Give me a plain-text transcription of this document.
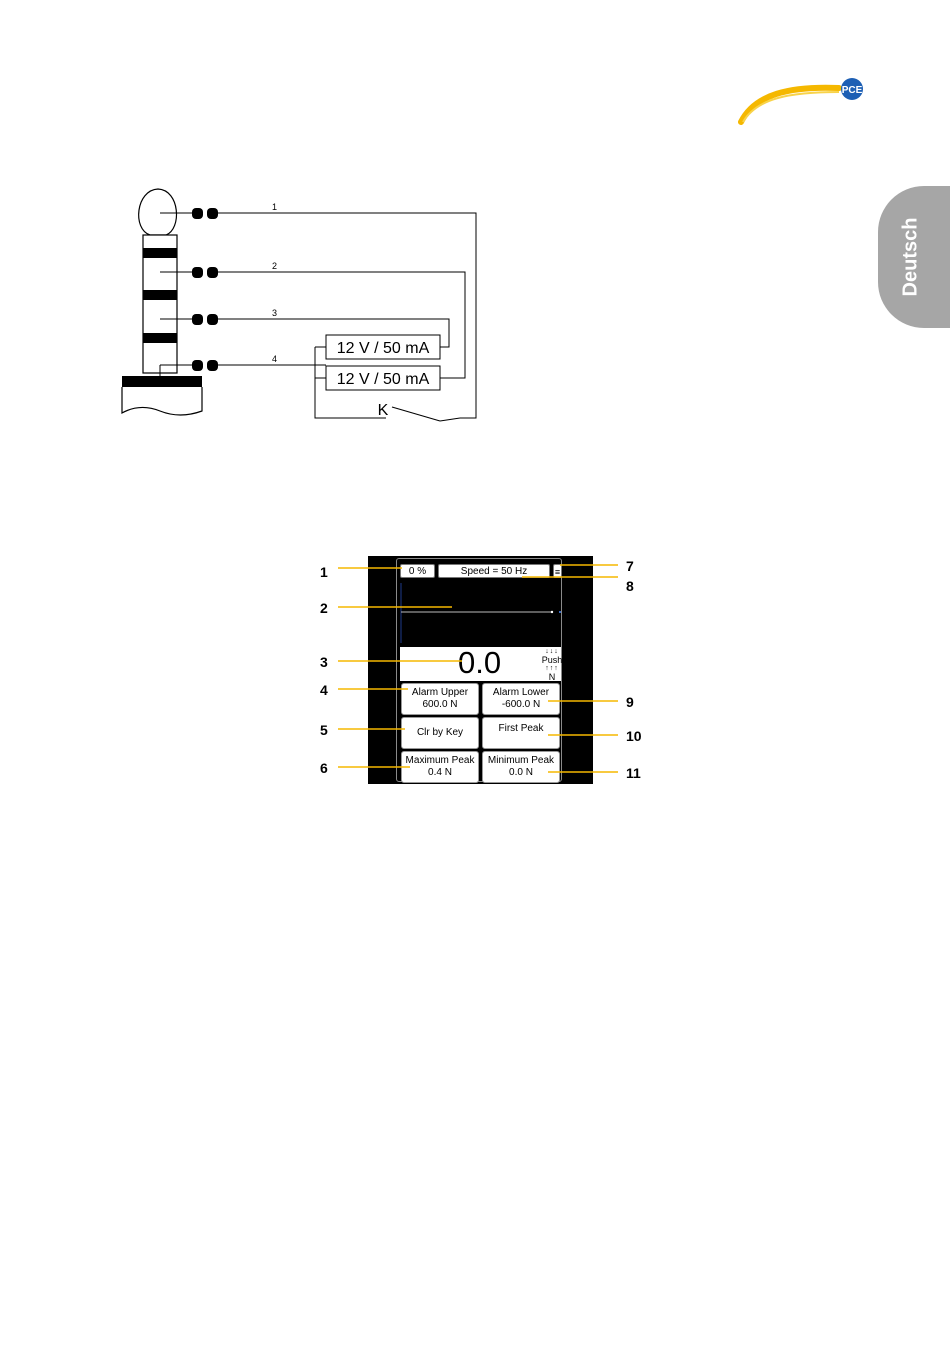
PCE
Deutsch
12 V / 50 mA
12 V / 50 mA
K
1
2
3
4
0 %	Speed = 50 Hz	≡
0.0	↓↓↓
Push
↑↑↑
N
Alarm Upper
600.0 N
Alarm Lower
-600.0 N
Clr by Key	First Peak
Maximum Peak
0.4 N
Minimum Peak
0.0 N
1
2
3
4
5
6
7
8
9
10
11
